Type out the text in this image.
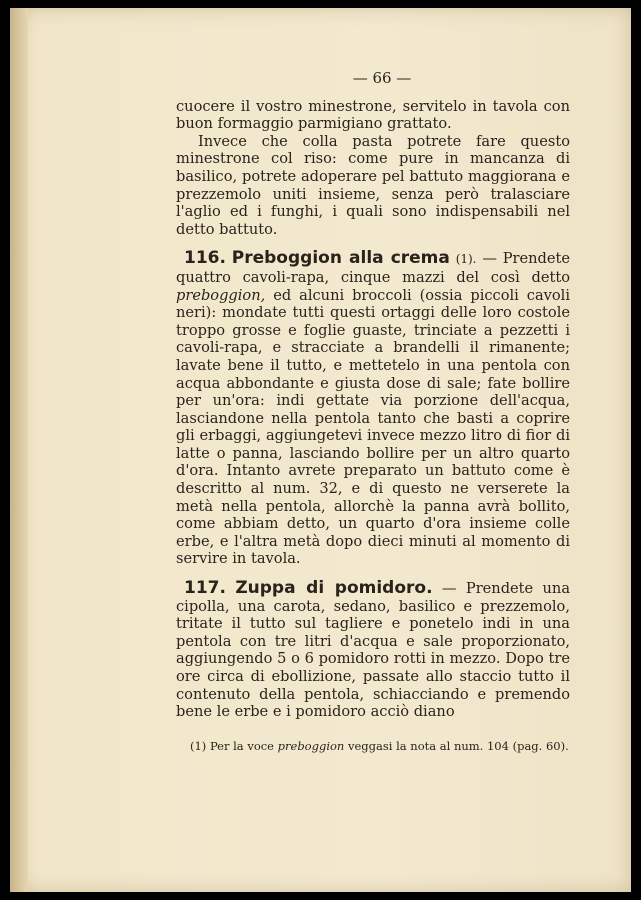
— 66 —

cuocere il vostro minestrone, servitelo in tavola con buon formaggio parmigiano grattato.

Invece che colla pasta potrete fare questo minestrone col riso: come pure in mancanza di basilico, potrete adoperare pel battuto maggiorana e prezzemolo uniti insieme, senza però tralasciare l'aglio ed i funghi, i quali sono indispensabili nel detto battuto.

116. Preboggion alla crema (1). — Prendete quattro cavoli-rapa, cinque mazzi del così detto preboggion, ed alcuni broccoli (ossia piccoli cavoli neri): mondate tutti questi ortaggi delle loro costole troppo grosse e foglie guaste, trinciate a pezzetti i cavoli-rapa, e stracciate a brandelli il rimanente; lavate bene il tutto, e mettetelo in una pentola con acqua abbondante e giusta dose di sale; fate bollire per un'ora: indi gettate via porzione dell'acqua, lasciandone nella pentola tanto che basti a coprire gli erbaggi, aggiungetevi invece mezzo litro di fior di latte o panna, lasciando bollire per un altro quarto d'ora. Intanto avrete preparato un battuto come è descritto al num. 32, e di questo ne verserete la metà nella pentola, allorchè la panna avrà bollito, come abbiam detto, un quarto d'ora insieme colle erbe, e l'altra metà dopo dieci minuti al momento di servire in tavola.

117. Zuppa di pomidoro. — Prendete una cipolla, una carota, sedano, basilico e prezzemolo, tritate il tutto sul tagliere e ponetelo indi in una pentola con tre litri d'acqua e sale proporzionato, aggiungendo 5 o 6 pomidoro rotti in mezzo. Dopo tre ore circa di ebollizione, passate allo staccio tutto il contenuto della pentola, schiacciando e premendo bene le erbe e i pomidoro acciò diano

(1) Per la voce preboggion veggasi la nota al num. 104 (pag. 60).
